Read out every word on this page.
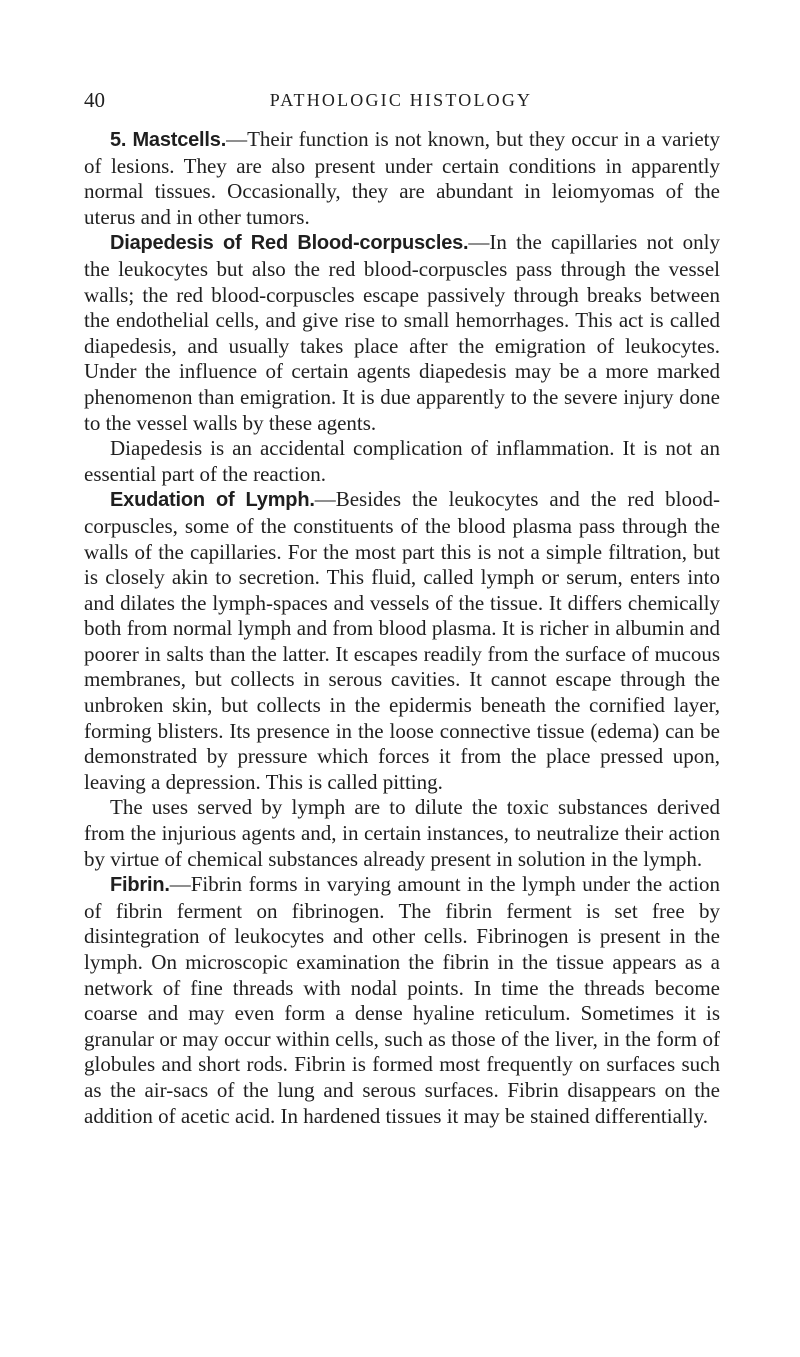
40	PATHOLOGIC HISTOLOGY

5. Mastcells.—Their function is not known, but they occur in a variety of lesions. They are also present under certain conditions in apparently normal tissues. Occasionally, they are abundant in leiomyomas of the uterus and in other tumors.

Diapedesis of Red Blood-corpuscles.—In the capillaries not only the leukocytes but also the red blood-corpuscles pass through the vessel walls; the red blood-corpuscles escape passively through breaks between the endothelial cells, and give rise to small hemorrhages. This act is called diapedesis, and usually takes place after the emigration of leukocytes. Under the influence of certain agents diapedesis may be a more marked phenomenon than emigration. It is due apparently to the severe injury done to the vessel walls by these agents.

Diapedesis is an accidental complication of inflammation. It is not an essential part of the reaction.

Exudation of Lymph.—Besides the leukocytes and the red blood-corpuscles, some of the constituents of the blood plasma pass through the walls of the capillaries. For the most part this is not a simple filtration, but is closely akin to secretion. This fluid, called lymph or serum, enters into and dilates the lymph-spaces and vessels of the tissue. It differs chemically both from normal lymph and from blood plasma. It is richer in albumin and poorer in salts than the latter. It escapes readily from the surface of mucous membranes, but collects in serous cavities. It cannot escape through the unbroken skin, but collects in the epidermis beneath the cornified layer, forming blisters. Its presence in the loose connective tissue (edema) can be demonstrated by pressure which forces it from the place pressed upon, leaving a depression. This is called pitting.

The uses served by lymph are to dilute the toxic substances derived from the injurious agents and, in certain instances, to neutralize their action by virtue of chemical substances already present in solution in the lymph.

Fibrin.—Fibrin forms in varying amount in the lymph under the action of fibrin ferment on fibrinogen. The fibrin ferment is set free by disintegration of leukocytes and other cells. Fibrinogen is present in the lymph. On microscopic examination the fibrin in the tissue appears as a network of fine threads with nodal points. In time the threads become coarse and may even form a dense hyaline reticulum. Sometimes it is granular or may occur within cells, such as those of the liver, in the form of globules and short rods. Fibrin is formed most frequently on surfaces such as the air-sacs of the lung and serous surfaces. Fibrin disappears on the addition of acetic acid. In hardened tissues it may be stained differentially.
